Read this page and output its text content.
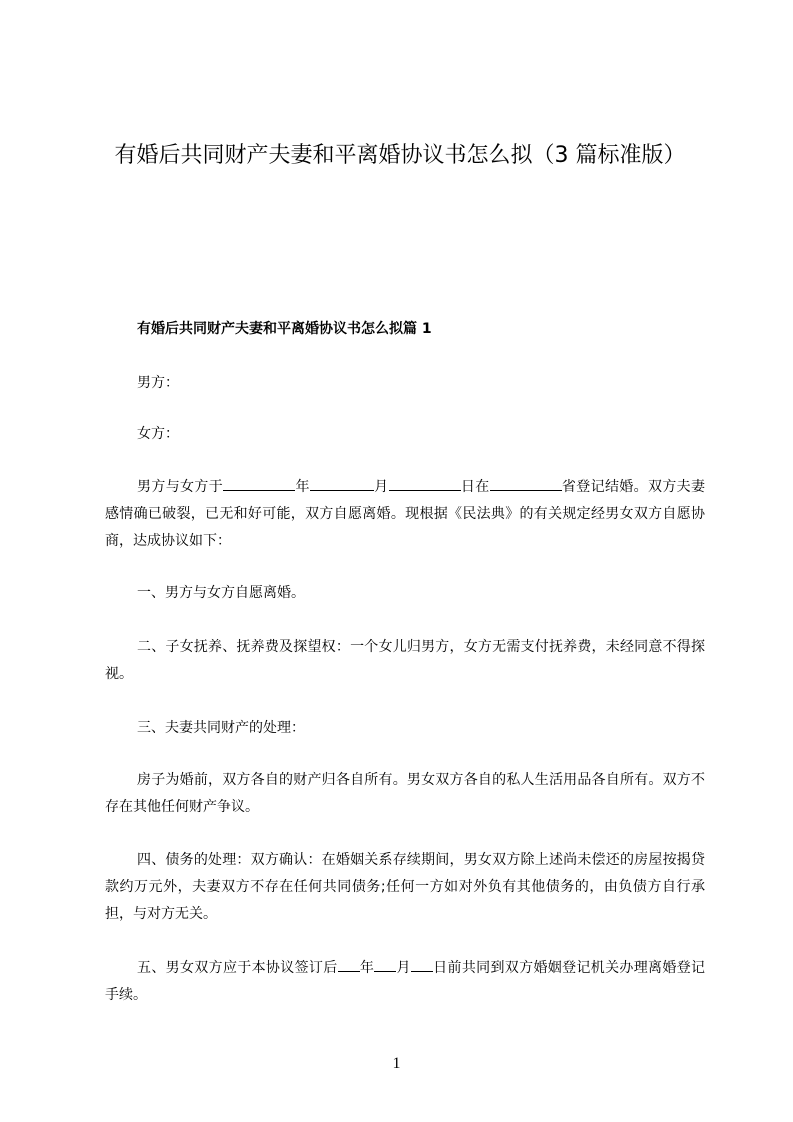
有婚后共同财产夫妻和平离婚协议书怎么拟（3 篇标准版）
有婚后共同财产夫妻和平离婚协议书怎么拟篇 1

男方：

女方：

男方与女方于	年	月	日在	省登记结婚。双方夫妻感情确已破裂，已无和好可能，双方自愿离婚。现根据《民法典》的有关规定经男女双方自愿协商，达成协议如下：

一、男方与女方自愿离婚。

二、子女抚养、抚养费及探望权：一个女儿归男方，女方无需支付抚养费，未经同意不得探视。

三、夫妻共同财产的处理：

房子为婚前，双方各自的财产归各自所有。男女双方各自的私人生活用品各自所有。双方不存在其他任何财产争议。

四、债务的处理：双方确认：在婚姻关系存续期间，男女双方除上述尚未偿还的房屋按揭贷款约万元外，夫妻双方不存在任何共同债务;任何一方如对外负有其他债务的，由负债方自行承担，与对方无关。

五、男女双方应于本协议签订后 年 月 日前共同到双方婚姻登记机关办理离婚登记手续。

1
